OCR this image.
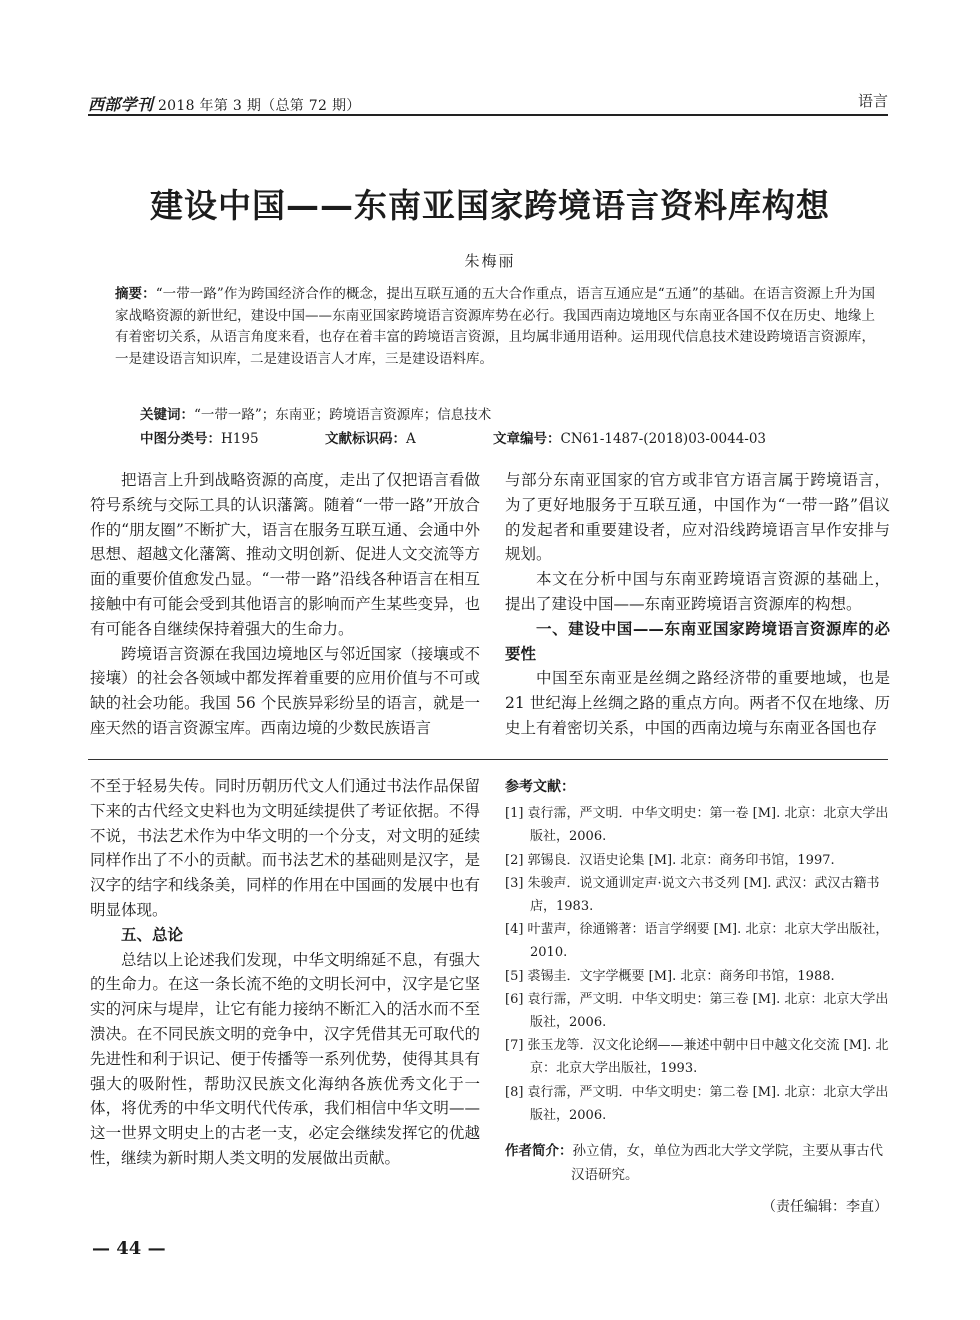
西部学刊 2018 年第 3 期（总第 72 期）	语言
建设中国——东南亚国家跨境语言资料库构想
朱梅丽
摘要：“一带一路”作为跨国经济合作的概念，提出互联互通的五大合作重点，语言互通应是“五通”的基础。在语言资源上升为国家战略资源的新世纪，建设中国——东南亚国家跨境语言资源库势在必行。我国西南边境地区与东南亚各国不仅在历史、地缘上有着密切关系，从语言角度来看，也存在着丰富的跨境语言资源，且均属非通用语种。运用现代信息技术建设跨境语言资源库，一是建设语言知识库，二是建设语言人才库，三是建设语料库。
关键词：“一带一路”；东南亚；跨境语言资源库；信息技术
中图分类号：H195	文献标识码：A	文章编号：CN61-1487-(2018)03-0044-03

把语言上升到战略资源的高度，走出了仅把语言看做符号系统与交际工具的认识藩篱。随着“一带一路”开放合作的“朋友圈”不断扩大，语言在服务互联互通、会通中外思想、超越文化藩篱、推动文明创新、促进人文交流等方面的重要价值愈发凸显。“一带一路”沿线各种语言在相互接触中有可能会受到其他语言的影响而产生某些变异，也有可能各自继续保持着强大的生命力。

跨境语言资源在我国边境地区与邻近国家（接壤或不接壤）的社会各领域中都发挥着重要的应用价值与不可或缺的社会功能。我国 56 个民族异彩纷呈的语言，就是一座天然的语言资源宝库。西南边境的少数民族语言

与部分东南亚国家的官方或非官方语言属于跨境语言，为了更好地服务于互联互通，中国作为“一带一路”倡议的发起者和重要建设者，应对沿线跨境语言早作安排与规划。

本文在分析中国与东南亚跨境语言资源的基础上，提出了建设中国——东南亚跨境语言资源库的构想。

一、建设中国——东南亚国家跨境语言资源库的必要性

中国至东南亚是丝绸之路经济带的重要地域，也是 21 世纪海上丝绸之路的重点方向。两者不仅在地缘、历史上有着密切关系，中国的西南边境与东南亚各国也存

不至于轻易失传。同时历朝历代文人们通过书法作品保留下来的古代经文史料也为文明延续提供了考证依据。不得不说，书法艺术作为中华文明的一个分支，对文明的延续同样作出了不小的贡献。而书法艺术的基础则是汉字，是汉字的结字和线条美，同样的作用在中国画的发展中也有明显体现。

五、总论

总结以上论述我们发现，中华文明绵延不息，有强大的生命力。在这一条长流不绝的文明长河中，汉字是它坚实的河床与堤岸，让它有能力接纳不断汇入的活水而不至溃决。在不同民族文明的竞争中，汉字凭借其无可取代的先进性和利于识记、便于传播等一系列优势，使得其具有强大的吸附性，帮助汉民族文化海纳各族优秀文化于一体，将优秀的中华文明代代传承，我们相信中华文明——这一世界文明史上的古老一支，必定会继续发挥它的优越性，继续为新时期人类文明的发展做出贡献。

参考文献：
[1] 袁行霈，严文明．中华文明史：第一卷 [M]. 北京：北京大学出版社，2006.
[2] 郭锡良．汉语史论集 [M]. 北京：商务印书馆，1997.
[3] 朱骏声．说文通训定声·说文六书爻列 [M]. 武汉：武汉古籍书店，1983.
[4] 叶蜚声，徐通锵著：语言学纲要 [M]. 北京：北京大学出版社，2010.
[5] 裘锡圭．文字学概要 [M]. 北京：商务印书馆，1988.
[6] 袁行霈，严文明．中华文明史：第三卷 [M]. 北京：北京大学出版社，2006.
[7] 张玉龙等．汉文化论纲——兼述中朝中日中越文化交流 [M]. 北京：北京大学出版社，1993.
[8] 袁行霈，严文明．中华文明史：第二卷 [M]. 北京：北京大学出版社，2006.
作者简介：孙立倩，女，单位为西北大学文学院，主要从事古代汉语研究。
（责任编辑：李直）
— 44 —
